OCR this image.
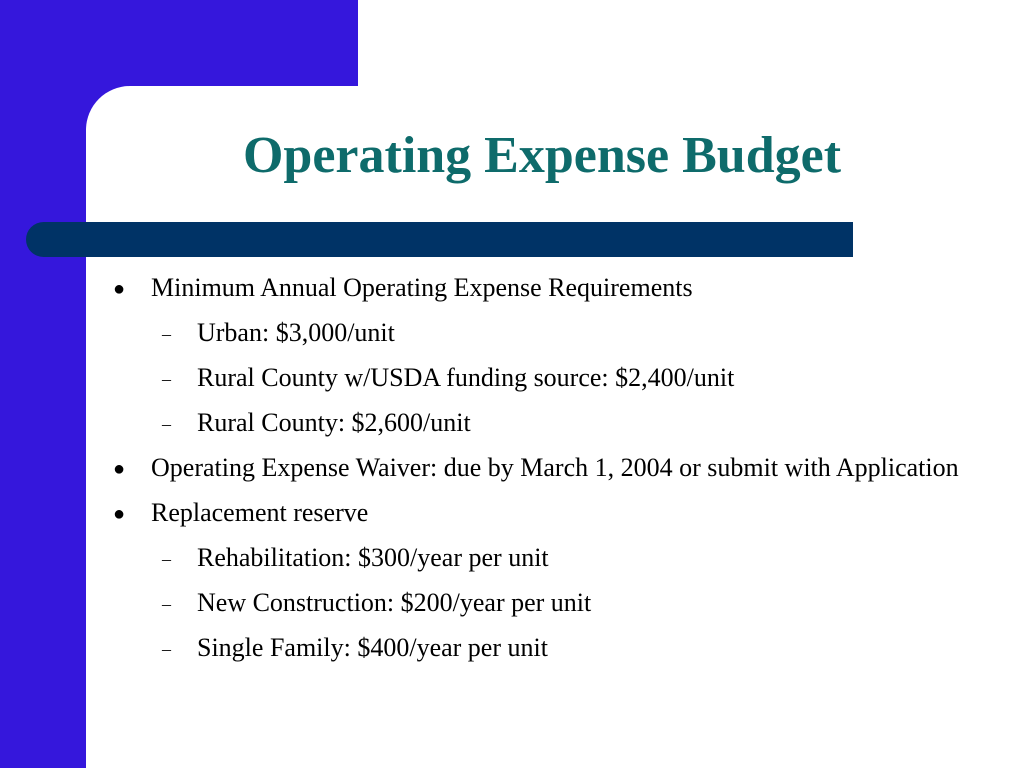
Operating Expense Budget
● Minimum Annual Operating Expense Requirements
– Urban: $3,000/unit
– Rural County w/USDA funding source: $2,400/unit
– Rural County: $2,600/unit
● Operating Expense Waiver: due by March 1, 2004 or submit with Application
● Replacement reserve
– Rehabilitation: $300/year per unit
– New Construction: $200/year per unit
– Single Family: $400/year per unit
